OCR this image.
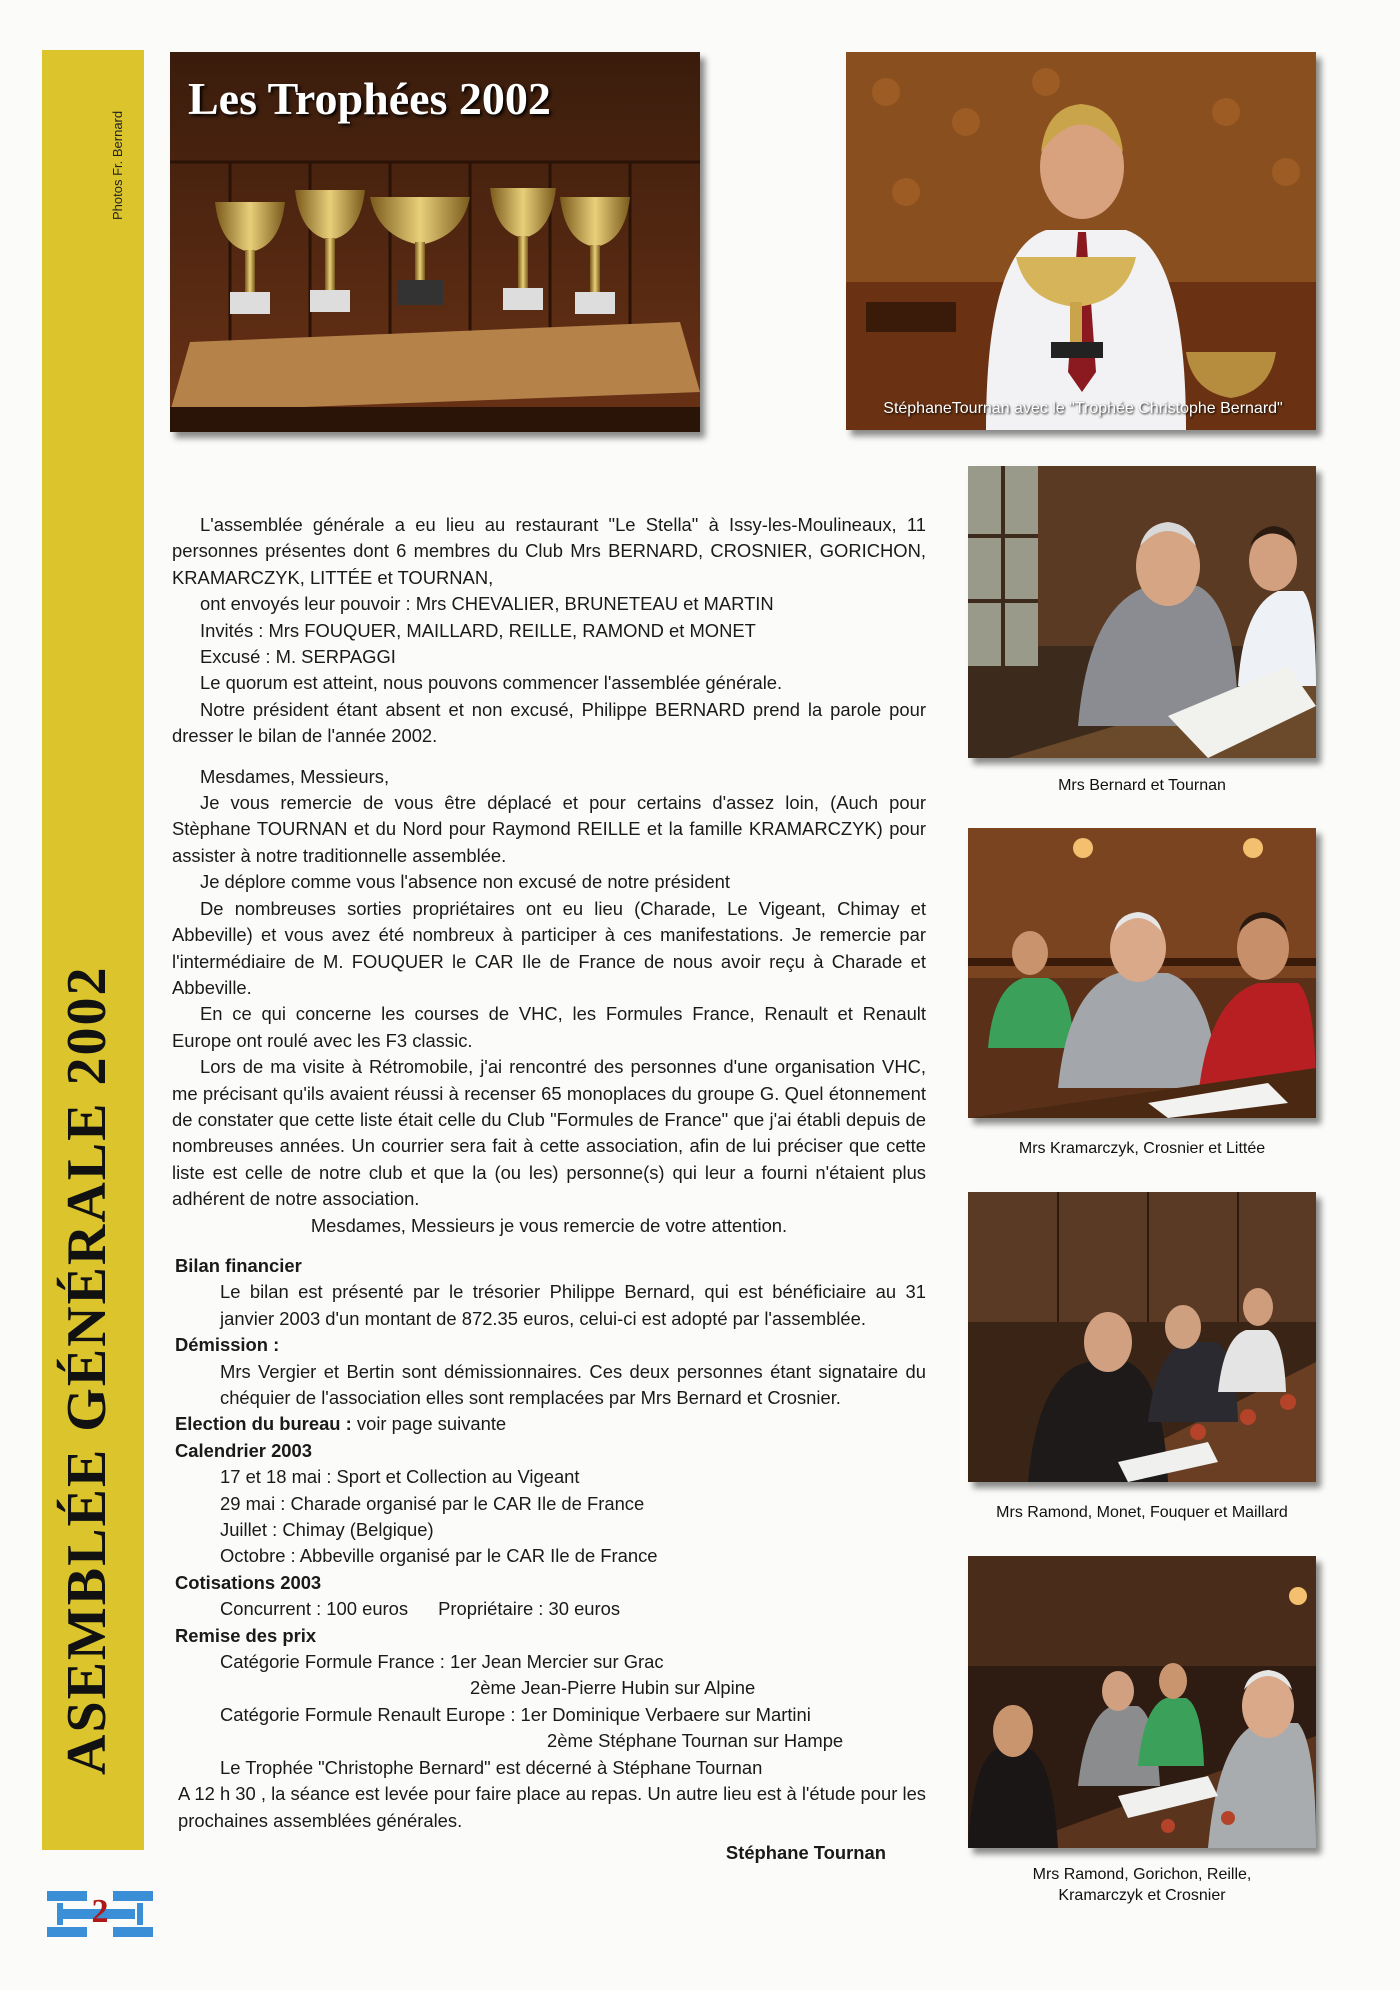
ASEMBLÉE GÉNÉRALE 2002
Photos Fr. Bernard
2
Les Trophées 2002
StéphaneTournan avec le "Trophée Christophe Bernard"
Mrs Bernard et Tournan
Mrs Kramarczyk, Crosnier et Littée
Mrs Ramond, Monet, Fouquer et Maillard
Mrs Ramond, Gorichon, Reille,
Kramarczyk et Crosnier

L'assemblée générale a eu lieu au restaurant "Le Stella" à Issy-les-Moulineaux, 11 personnes présentes dont 6 membres du Club Mrs BERNARD, CROSNIER, GORICHON, KRAMARCZYK, LITTÉE et TOURNAN,

ont envoyés leur pouvoir : Mrs CHEVALIER, BRUNETEAU et MARTIN

Invités : Mrs FOUQUER, MAILLARD, REILLE, RAMOND et MONET

Excusé : M. SERPAGGI

Le quorum est atteint, nous pouvons commencer l'assemblée générale.

Notre président étant absent et non excusé, Philippe BERNARD prend la parole pour dresser le bilan de l'année 2002.

Mesdames, Messieurs,

Je vous remercie de vous être déplacé et pour certains d'assez loin, (Auch pour Stèphane TOURNAN et du Nord pour Raymond REILLE et la famille KRAMARCZYK) pour assister à notre traditionnelle assemblée.

Je déplore comme vous l'absence non excusé de notre président

De nombreuses sorties propriétaires ont eu lieu (Charade, Le Vigeant, Chimay et Abbeville) et vous avez été nombreux à participer à ces manifestations. Je remercie par l'intermédiaire de M. FOUQUER le CAR Ile de France de nous avoir reçu à Charade et Abbeville.

En ce qui concerne les courses de VHC, les Formules France, Renault et Renault Europe ont roulé avec les F3 classic.

Lors de ma visite à Rétromobile, j'ai rencontré des personnes d'une organisation VHC, me précisant qu'ils avaient réussi à recenser 65 monoplaces du groupe G. Quel étonnement de constater que cette liste était celle du Club "Formules de France" que j'ai établi depuis de nombreuses années. Un courrier sera fait à cette association, afin de lui préciser que cette liste est celle de notre club et que la (ou les) personne(s) qui leur a fourni n'étaient plus adhérent de notre association.

Mesdames, Messieurs je vous remercie de votre attention.

Bilan financier

Le bilan est présenté par le trésorier Philippe Bernard, qui est bénéficiaire au 31 janvier 2003 d'un montant de 872.35 euros, celui-ci est adopté par l'assemblée.

Démission :

Mrs Vergier et Bertin sont démissionnaires. Ces deux personnes étant signataire du chéquier de l'association elles sont remplacées par Mrs Bernard et Crosnier.

Election du bureau : voir page suivante

Calendrier 2003

17 et 18 mai : Sport et Collection au Vigeant

29 mai : Charade organisé par le CAR Ile de France

Juillet : Chimay (Belgique)

Octobre : Abbeville organisé par le CAR Ile de France

Cotisations 2003

Concurrent : 100 euros Propriétaire : 30 euros

Remise des prix

Catégorie Formule France : 1er Jean Mercier sur Grac

2ème Jean-Pierre Hubin sur Alpine

Catégorie Formule Renault Europe : 1er Dominique Verbaere sur Martini

2ème Stéphane Tournan sur Hampe

Le Trophée "Christophe Bernard" est décerné à Stéphane Tournan

A 12 h 30 , la séance est levée pour faire place au repas. Un autre lieu est à l'étude pour les prochaines assemblées générales.

Stéphane Tournan
